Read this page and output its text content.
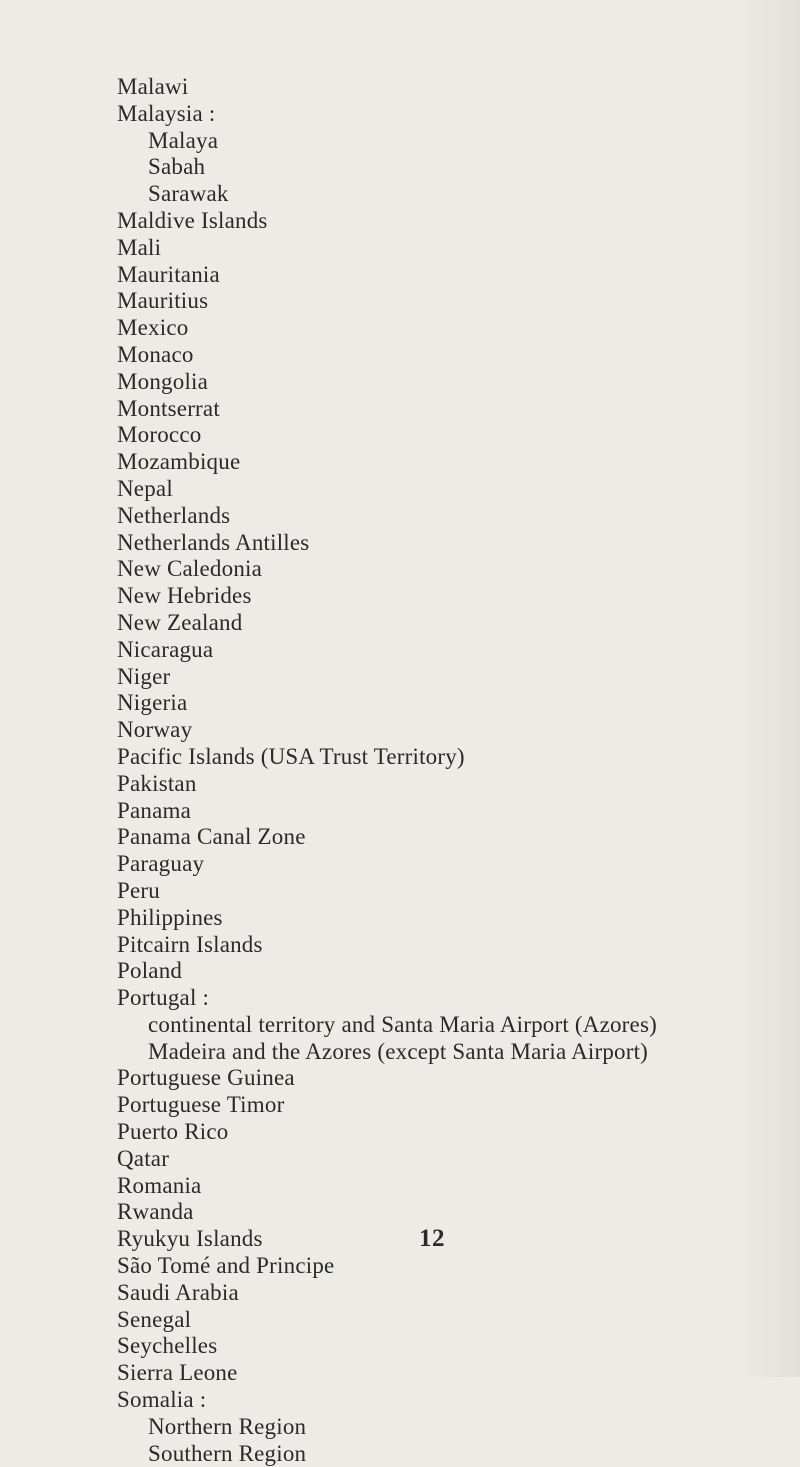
Malawi
Malaysia :
Malaya
Sabah
Sarawak
Maldive Islands
Mali
Mauritania
Mauritius
Mexico
Monaco
Mongolia
Montserrat
Morocco
Mozambique
Nepal
Netherlands
Netherlands Antilles
New Caledonia
New Hebrides
New Zealand
Nicaragua
Niger
Nigeria
Norway
Pacific Islands (USA Trust Territory)
Pakistan
Panama
Panama Canal Zone
Paraguay
Peru
Philippines
Pitcairn Islands
Poland
Portugal :
continental territory and Santa Maria Airport (Azores)
Madeira and the Azores (except Santa Maria Airport)
Portuguese Guinea
Portuguese Timor
Puerto Rico
Qatar
Romania
Rwanda
Ryukyu Islands
São Tomé and Principe
Saudi Arabia
Senegal
Seychelles
Sierra Leone
Somalia :
Northern Region
Southern Region
12
